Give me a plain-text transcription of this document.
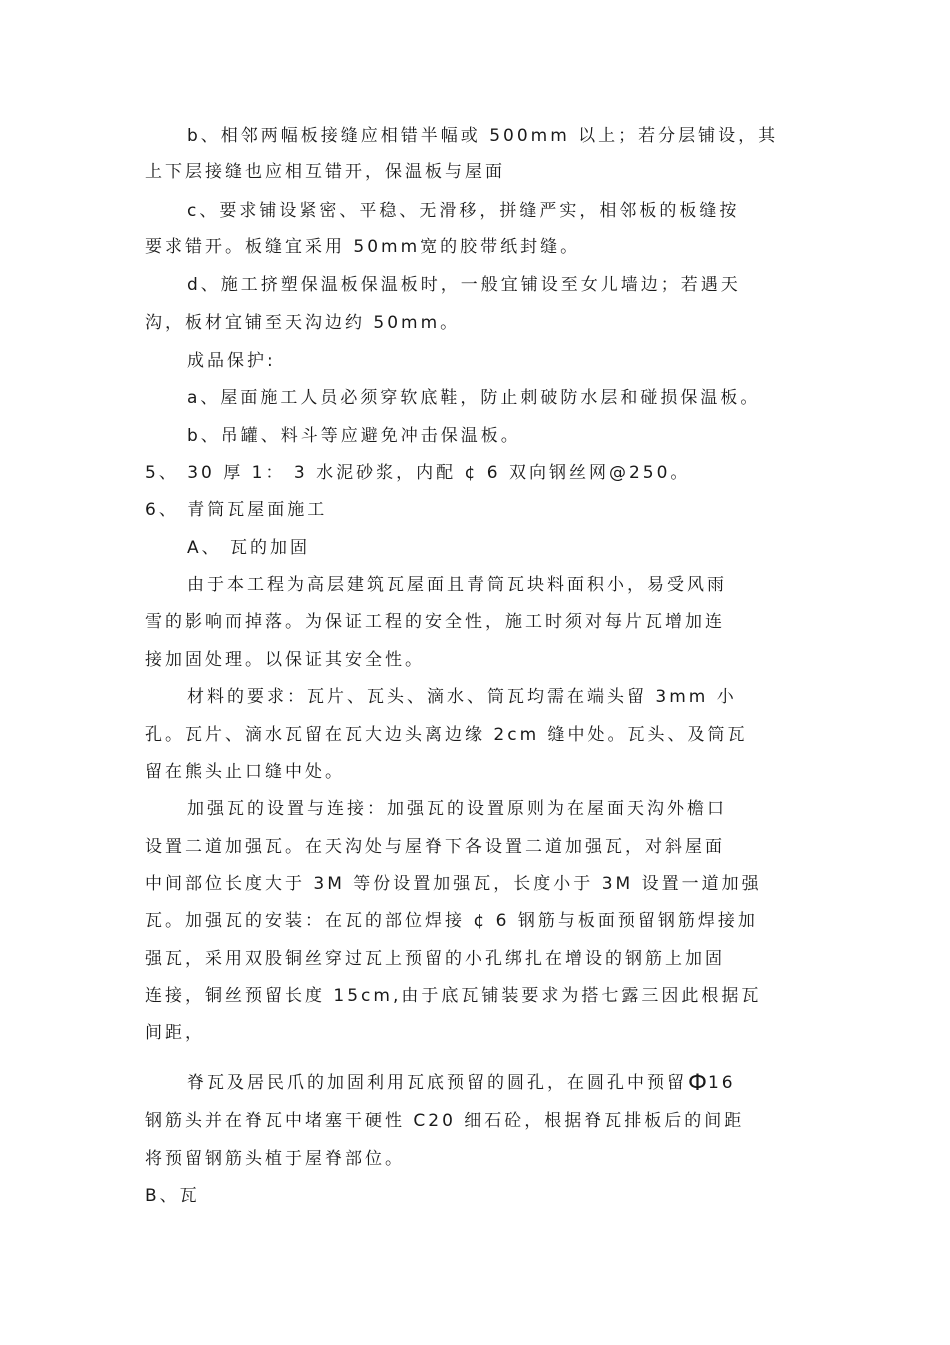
b、相邻两幅板接缝应相错半幅或 500mm 以上；若分层铺设，其
上下层接缝也应相互错开，保温板与屋面
c、要求铺设紧密、平稳、无滑移，拼缝严实，相邻板的板缝按
要求错开。板缝宜采用 50mm宽的胶带纸封缝。
d、施工挤塑保温板保温板时，一般宜铺设至女儿墙边；若遇天
沟，板材宜铺至天沟边约 50mm。
成品保护:
a、屋面施工人员必须穿软底鞋，防止刺破防水层和碰损保温板。
b、吊罐、料斗等应避免冲击保温板。
5、 30 厚 1： 3 水泥砂浆，内配 ¢ 6 双向钢丝网@250。
6、 青筒瓦屋面施工
A、 瓦的加固
由于本工程为高层建筑瓦屋面且青筒瓦块料面积小，易受风雨
雪的影响而掉落。为保证工程的安全性，施工时须对每片瓦增加连
接加固处理。以保证其安全性。
材料的要求：瓦片、瓦头、滴水、筒瓦均需在端头留 3mm 小
孔。瓦片、滴水瓦留在瓦大边头离边缘 2cm 缝中处。瓦头、及筒瓦
留在熊头止口缝中处。
加强瓦的设置与连接：加强瓦的设置原则为在屋面天沟外檐口
设置二道加强瓦。在天沟处与屋脊下各设置二道加强瓦，对斜屋面
中间部位长度大于 3M 等份设置加强瓦，长度小于 3M 设置一道加强
瓦。加强瓦的安装：在瓦的部位焊接 ¢ 6 钢筋与板面预留钢筋焊接加
强瓦，采用双股铜丝穿过瓦上预留的小孔绑扎在增设的钢筋上加固
连接，铜丝预留长度 15cm,由于底瓦铺装要求为搭七露三因此根据瓦
间距，
脊瓦及居民爪的加固利用瓦底预留的圆孔，在圆孔中预留Ф16
钢筋头并在脊瓦中堵塞干硬性 C20 细石砼，根据脊瓦排板后的间距
将预留钢筋头植于屋脊部位。
B、瓦
